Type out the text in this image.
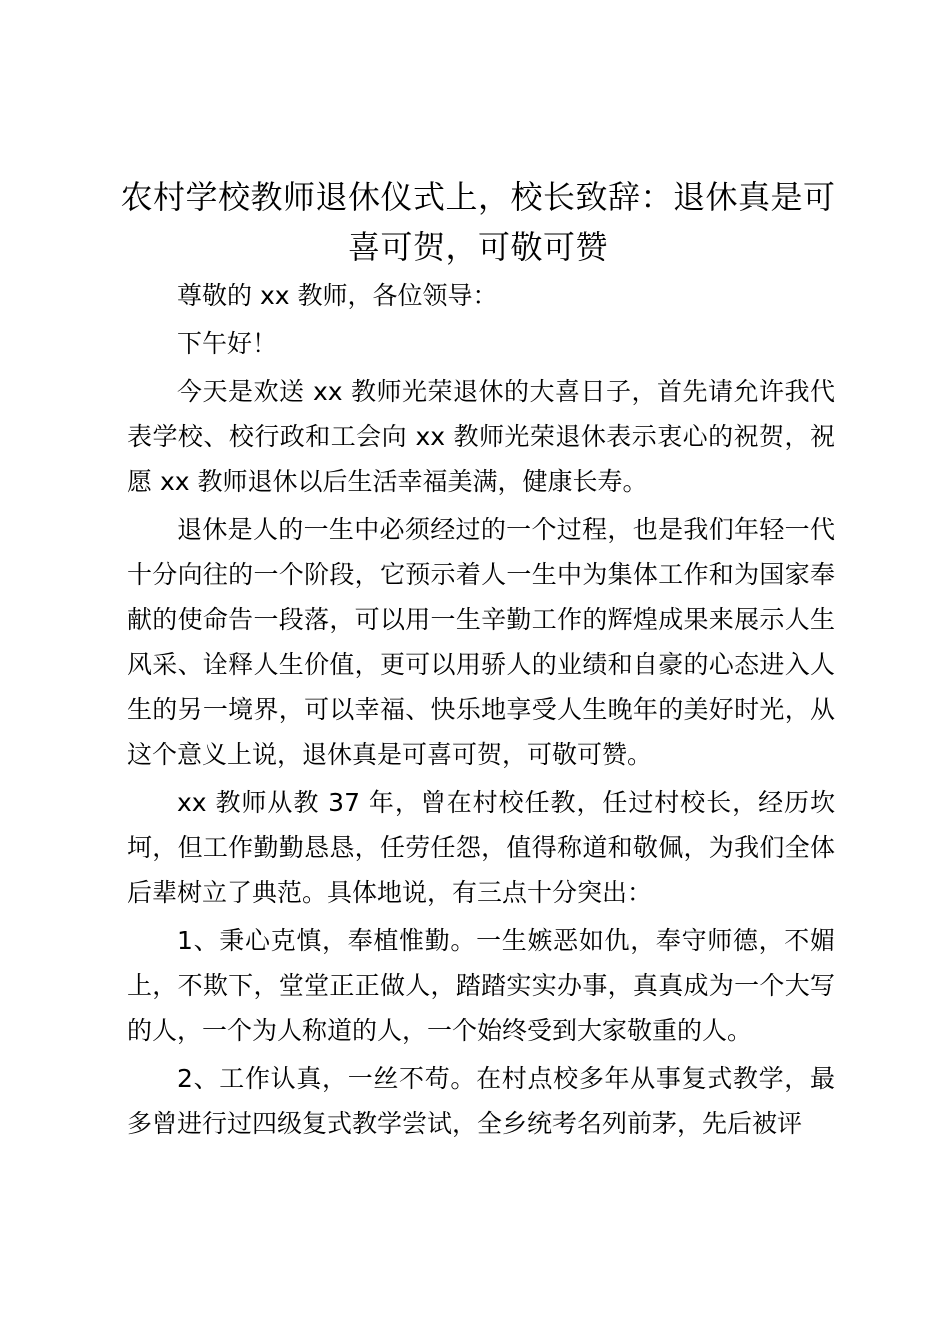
农村学校教师退休仪式上，校长致辞：退休真是可喜可贺，可敬可赞

尊敬的 xx 教师，各位领导：

下午好！

今天是欢送 xx 教师光荣退休的大喜日子，首先请允许我代表学校、校行政和工会向 xx 教师光荣退休表示衷心的祝贺，祝愿 xx 教师退休以后生活幸福美满，健康长寿。

退休是人的一生中必须经过的一个过程，也是我们年轻一代十分向往的一个阶段，它预示着人一生中为集体工作和为国家奉献的使命告一段落，可以用一生辛勤工作的辉煌成果来展示人生风采、诠释人生价值，更可以用骄人的业绩和自豪的心态进入人生的另一境界，可以幸福、快乐地享受人生晚年的美好时光，从这个意义上说，退休真是可喜可贺，可敬可赞。

xx 教师从教 37 年，曾在村校任教，任过村校长，经历坎坷，但工作勤勤恳恳，任劳任怨，值得称道和敬佩，为我们全体后辈树立了典范。具体地说，有三点十分突出：

1、秉心克慎，奉植惟勤。一生嫉恶如仇，奉守师德，不媚上，不欺下，堂堂正正做人，踏踏实实办事，真真成为一个大写的人，一个为人称道的人，一个始终受到大家敬重的人。

2、工作认真，一丝不苟。在村点校多年从事复式教学，最多曾进行过四级复式教学尝试，全乡统考名列前茅，先后被评
